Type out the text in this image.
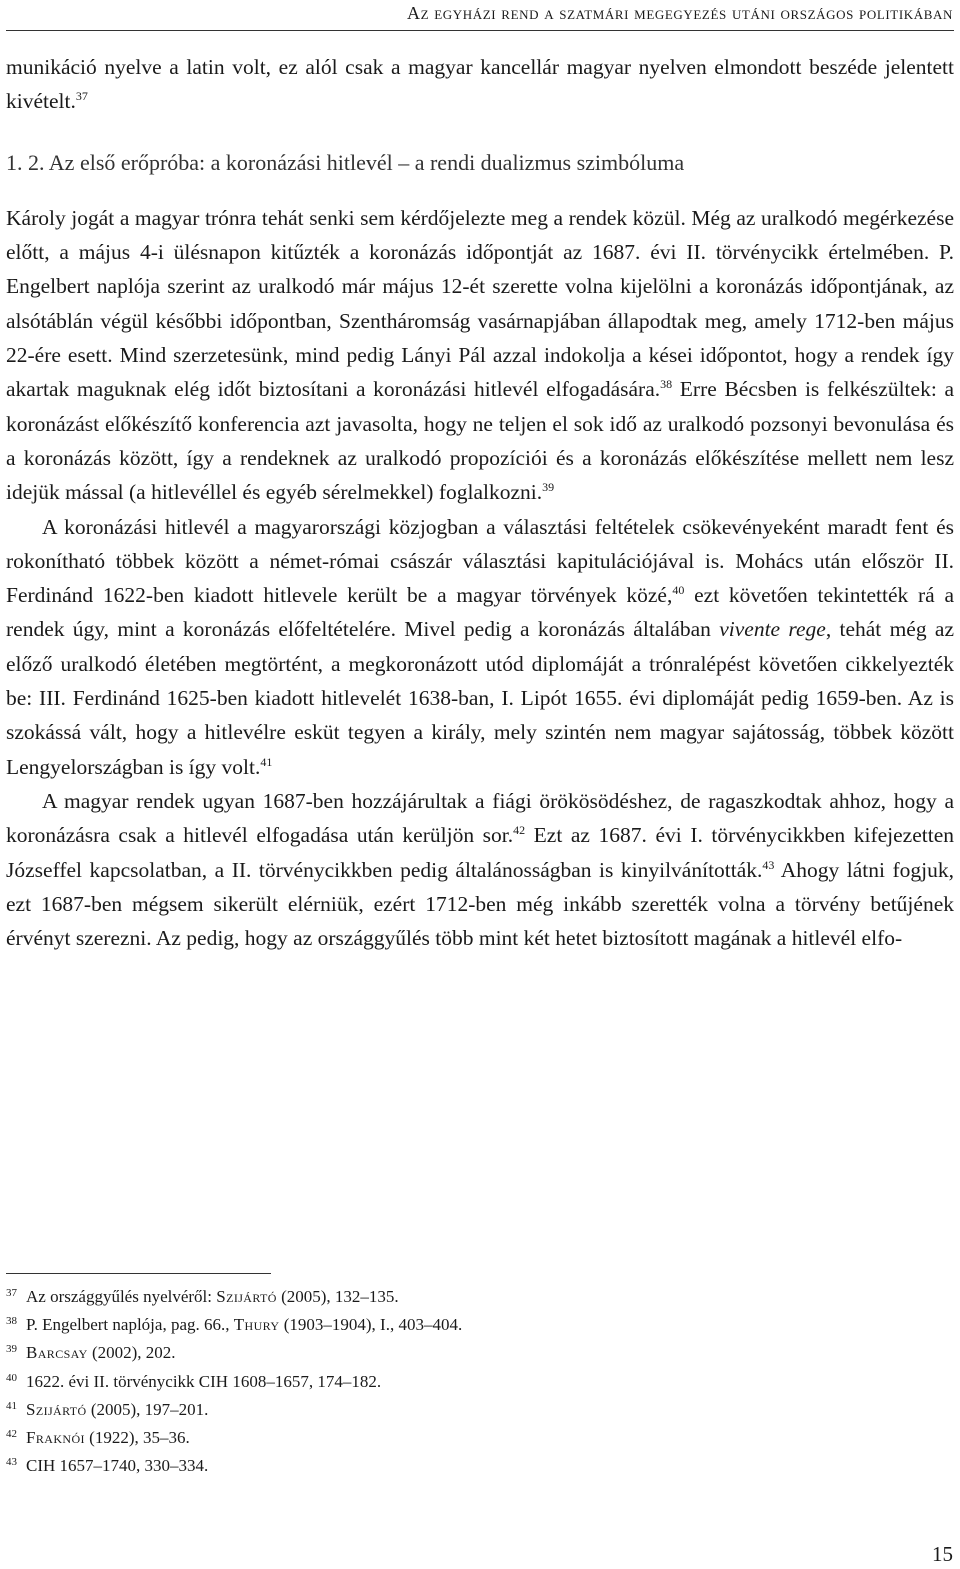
Az egyházi rend a szatmári megegyezés utáni országos politikában

munikáció nyelve a latin volt, ez alól csak a magyar kancellár magyar nyelven elmondott beszéde jelentett kivételt.$^{37}$

1. 2. Az első erőpróba: a koronázási hitlevél – a rendi dualizmus szimbóluma

Károly jogát a magyar trónra tehát senki sem kérdőjelezte meg a rendek közül. Még az uralkodó megérkezése előtt, a május 4-i ülésnapon kitűzték a koronázás időpontját az 1687. évi II. törvénycikk értelmében. P. Engelbert naplója szerint az uralkodó már május 12-ét szerette volna kijelölni a koronázás időpontjának, az alsótáblán végül későbbi időpontban, Szentháromság vasárnapjában állapodtak meg, amely 1712-ben május 22-ére esett. Mind szerzetesünk, mind pedig Lányi Pál azzal indokolja a kései időpontot, hogy a rendek így akartak maguknak elég időt biztosítani a koronázási hitlevél elfogadására.$^{38}$ Erre Bécsben is felkészültek: a koronázást előkészítő konferencia azt javasolta, hogy ne teljen el sok idő az uralkodó pozsonyi bevonulása és a koronázás között, így a rendeknek az uralkodó propozíciói és a koronázás előkészítése mellett nem lesz idejük mással (a hitlevéllel és egyéb sérelmekkel) foglalkozni.$^{39}$

A koronázási hitlevél a magyarországi közjogban a választási feltételek csökevényeként maradt fent és rokonítható többek között a német-római császár választási kapitulációjával is. Mohács után először II. Ferdinánd 1622-ben kiadott hitlevele került be a magyar törvények közé,$^{40}$ ezt követően tekintették rá a rendek úgy, mint a koronázás előfeltételére. Mivel pedig a koronázás általában vivente rege, tehát még az előző uralkodó életében megtörtént, a megkoronázott utód diplomáját a trónralépést követően cikkelyezték be: III. Ferdinánd 1625-ben kiadott hitlevelét 1638-ban, I. Lipót 1655. évi diplomáját pedig 1659-ben. Az is szokássá vált, hogy a hitlevélre esküt tegyen a király, mely szintén nem magyar sajátosság, többek között Lengyelországban is így volt.$^{41}$

A magyar rendek ugyan 1687-ben hozzájárultak a fiági örökösödéshez, de ragaszkodtak ahhoz, hogy a koronázásra csak a hitlevél elfogadása után kerüljön sor.$^{42}$ Ezt az 1687. évi I. törvénycikkben kifejezetten Józseffel kapcsolatban, a II. törvénycikkben pedig általánosságban is kinyilvánították.$^{43}$ Ahogy látni fogjuk, ezt 1687-ben mégsem sikerült elérniük, ezért 1712-ben még inkább szerették volna a törvény betűjének érvényt szerezni. Az pedig, hogy az országgyűlés több mint két hetet biztosított magának a hitlevél elfo-

37 Az országgyűlés nyelvéről: Szijártó (2005), 132–135.
38 P. Engelbert naplója, pag. 66., Thury (1903–1904), I., 403–404.
39 Barcsay (2002), 202.
40 1622. évi II. törvénycikk CIH 1608–1657, 174–182.
41 Szijártó (2005), 197–201.
42 Fraknói (1922), 35–36.
43 CIH 1657–1740, 330–334.
15
